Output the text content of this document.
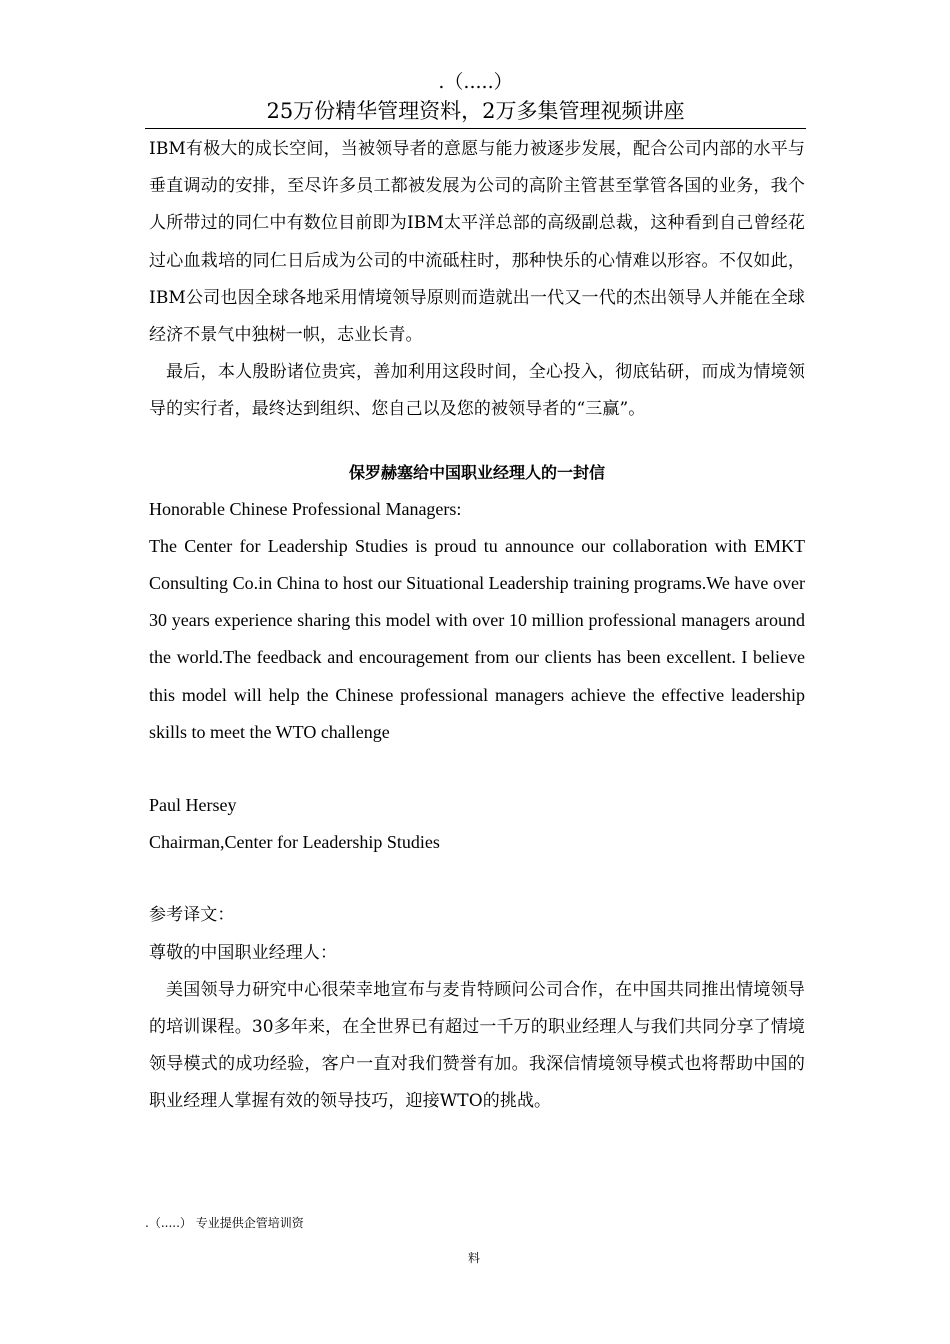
.（.....）
25万份精华管理资料，2万多集管理视频讲座

IBM有极大的成长空间，当被领导者的意愿与能力被逐步发展，配合公司内部的水平与垂直调动的安排，至尽许多员工都被发展为公司的高阶主管甚至掌管各国的业务，我个人所带过的同仁中有数位目前即为IBM太平洋总部的高级副总裁，这种看到自己曾经花过心血栽培的同仁日后成为公司的中流砥柱时，那种快乐的心情难以形容。不仅如此，IBM公司也因全球各地采用情境领导原则而造就出一代又一代的杰出领导人并能在全球经济不景气中独树一帜，志业长青。

最后，本人殷盼诸位贵宾，善加利用这段时间，全心投入，彻底钻研，而成为情境领导的实行者，最终达到组织、您自己以及您的被领导者的“三赢”。

保罗赫塞给中国职业经理人的一封信

Honorable Chinese Professional Managers:

The Center for Leadership Studies is proud tu announce our collaboration with EMKT Consulting Co.in China to host our Situational Leadership training programs.We have over 30 years experience sharing this model with over 10 million professional managers around the world.The feedback and encouragement from our clients has been excellent. I believe this model will help the Chinese professional managers achieve the effective leadership skills to meet the WTO challenge

Paul Hersey

Chairman,Center for Leadership Studies

参考译文：

尊敬的中国职业经理人：

美国领导力研究中心很荣幸地宣布与麦肯特顾问公司合作，在中国共同推出情境领导的培训课程。30多年来，在全世界已有超过一千万的职业经理人与我们共同分享了情境领导模式的成功经验，客户一直对我们赞誉有加。我深信情境领导模式也将帮助中国的职业经理人掌握有效的领导技巧，迎接WTO的挑战。

.（.....） 专业提供企管培训资
料
